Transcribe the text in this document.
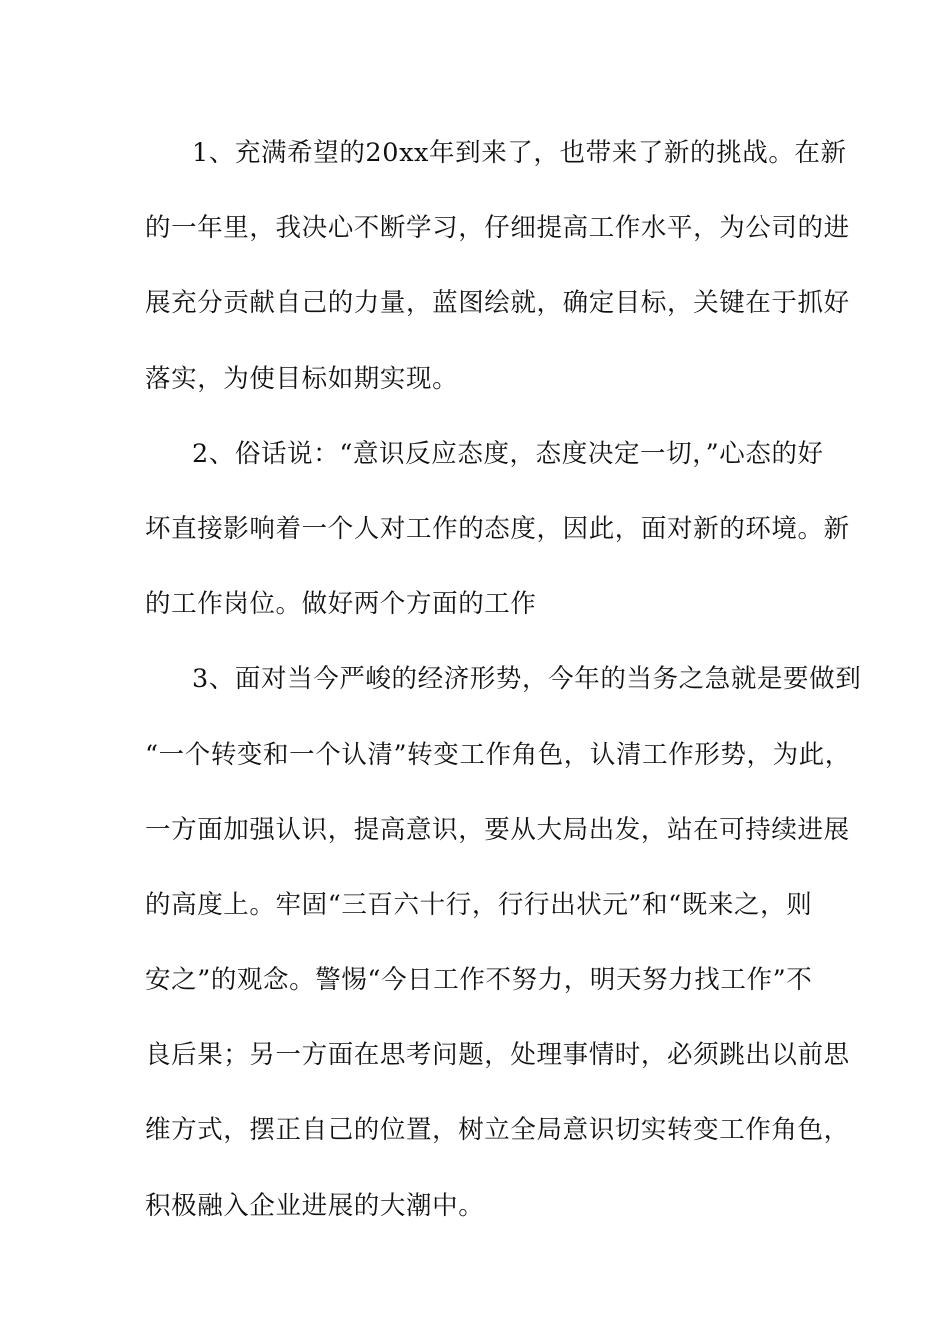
1、充满希望的20xx年到来了，也带来了新的挑战。在新
的一年里，我决心不断学习，仔细提高工作水平，为公司的进
展充分贡献自己的力量，蓝图绘就，确定目标，关键在于抓好
落实，为使目标如期实现。
2、俗话说：“意识反应态度，态度决定一切，”心态的好
坏直接影响着一个人对工作的态度，因此，面对新的环境。新
的工作岗位。做好两个方面的工作
3、面对当今严峻的经济形势，今年的当务之急就是要做到
“一个转变和一个认清”转变工作角色，认清工作形势，为此，
一方面加强认识，提高意识，要从大局出发，站在可持续进展
的高度上。牢固“三百六十行，行行出状元”和“既来之，则
安之”的观念。警惕“今日工作不努力，明天努力找工作”不
良后果；另一方面在思考问题，处理事情时，必须跳出以前思
维方式，摆正自己的位置，树立全局意识切实转变工作角色，
积极融入企业进展的大潮中。
